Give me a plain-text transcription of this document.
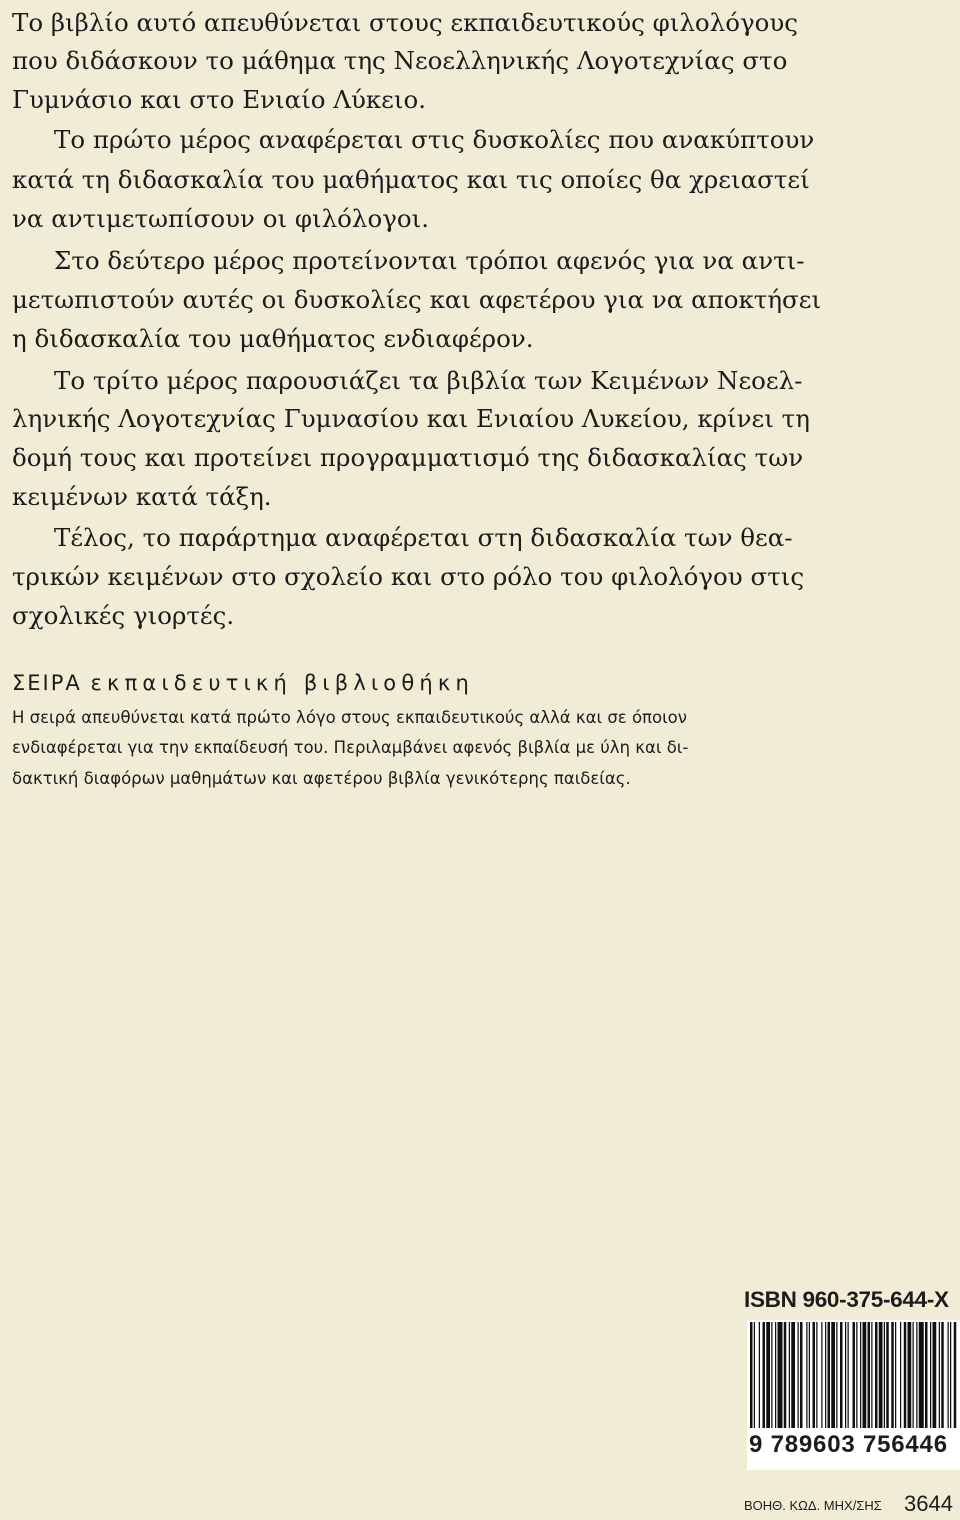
Το βιβλίο αυτό απευθύνεται στους εκπαιδευτικούς φιλολόγους
που διδάσκουν το μάθημα της Νεοελληνικής Λογοτεχνίας στο
Γυμνάσιο και στο Ενιαίο Λύκειο.
Το πρώτο μέρος αναφέρεται στις δυσκολίες που ανακύπτουν
κατά τη διδασκαλία του μαθήματος και τις οποίες θα χρειαστεί
να αντιμετωπίσουν οι φιλόλογοι.
Στο δεύτερο μέρος προτείνονται τρόποι αφενός για να αντι-
μετωπιστούν αυτές οι δυσκολίες και αφετέρου για να αποκτήσει
η διδασκαλία του μαθήματος ενδιαφέρον.
Το τρίτο μέρος παρουσιάζει τα βιβλία των Κειμένων Νεοελ-
ληνικής Λογοτεχνίας Γυμνασίου και Ενιαίου Λυκείου, κρίνει τη
δομή τους και προτείνει προγραμματισμό της διδασκαλίας των
κειμένων κατά τάξη.
Τέλος, το παράρτημα αναφέρεται στη διδασκαλία των θεα-
τρικών κειμένων στο σχολείο και στο ρόλο του φιλολόγου στις
σχολικές γιορτές.
ΣΕΙΡΑ εκπαιδευτική βιβλιοθήκη
Η σειρά απευθύνεται κατά πρώτο λόγο στους εκπαιδευτικούς αλλά και σε όποιον
ενδιαφέρεται για την εκπαίδευσή του. Περιλαμβάνει αφενός βιβλία με ύλη και δι-
δακτική διαφόρων μαθημάτων και αφετέρου βιβλία γενικότερης παιδείας.
ISBN 960-375-644-X
9 789603 756446
ΒΟΗΘ. ΚΩΔ. ΜΗΧ/ΣΗΣ 3644
